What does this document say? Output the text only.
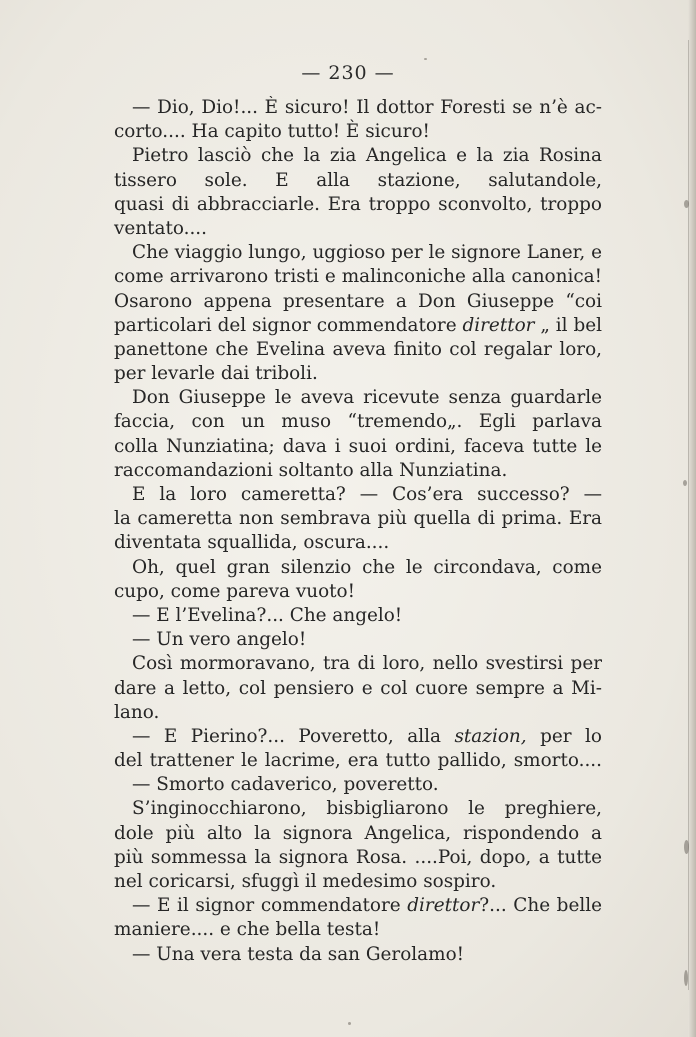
— 230 —
— Dio, Dio!... È sicuro! Il dottor Foresti se n’è ac-
corto.... Ha capito tutto! È sicuro!
Pietro lasciò che la zia Angelica e la zia Rosina
tissero sole. E alla stazione, salutandole,
quasi di abbracciarle. Era troppo sconvolto, troppo
ventato....
Che viaggio lungo, uggioso per le signore Laner, e
come arrivarono tristi e malinconiche alla canonica!
Osarono appena presentare a Don Giuseppe “coi
particolari del signor commendatore direttor „ il bel
panettone che Evelina aveva finito col regalar loro,
per levarle dai triboli.
Don Giuseppe le aveva ricevute senza guardarle
faccia, con un muso “tremendo„. Egli parlava
colla Nunziatina; dava i suoi ordini, faceva tutte le
raccomandazioni soltanto alla Nunziatina.
E la loro cameretta? — Cos’era successo? —
la cameretta non sembrava più quella di prima. Era
diventata squallida, oscura....
Oh, quel gran silenzio che le circondava, come
cupo, come pareva vuoto!
— E l’Evelina?... Che angelo!
— Un vero angelo!
Così mormoravano, tra di loro, nello svestirsi per
dare a letto, col pensiero e col cuore sempre a Mi-
lano.
— E Pierino?... Poveretto, alla stazion, per lo
del trattener le lacrime, era tutto pallido, smorto....
— Smorto cadaverico, poveretto.
S’inginocchiarono, bisbigliarono le preghiere,
dole più alto la signora Angelica, rispondendo a
più sommessa la signora Rosa. ....Poi, dopo, a tutte
nel coricarsi, sfuggì il medesimo sospiro.
— E il signor commendatore direttor?... Che belle
maniere.... e che bella testa!
— Una vera testa da san Gerolamo!
